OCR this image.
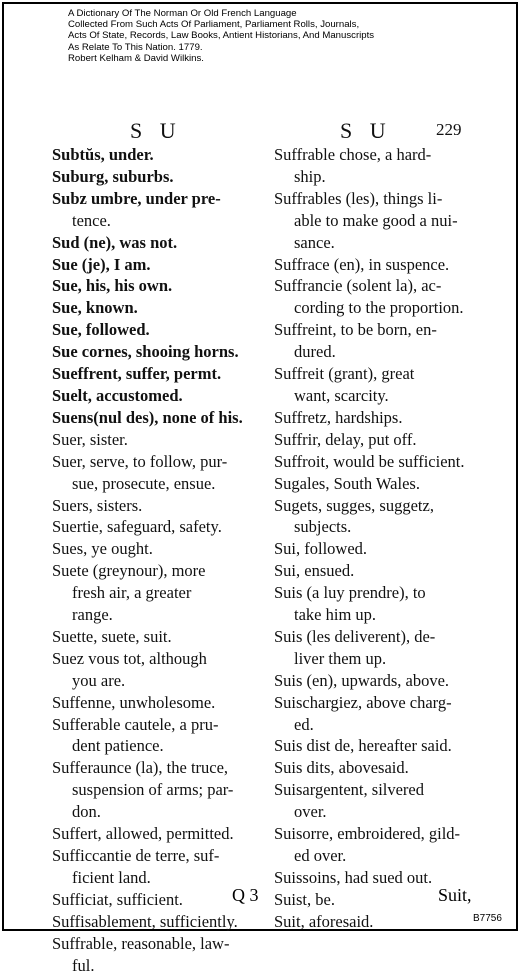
A Dictionary Of The Norman Or Old French Language
Collected From Such Acts Of Parliament, Parliament Rolls, Journals,
Acts Of State, Records, Law Books, Antient Historians, And Manuscripts
As Relate To This Nation. 1779.
Robert Kelham & David Wilkins.
S U	S U	229
Subtŭs, under.
Suburg, suburbs.
Subz umbre, under pre-
tence.
Sud (ne), was not.
Sue (je), I am.
Sue, his, his own.
Sue, known.
Sue, followed.
Sue cornes, shooing horns.
Sueffrent, suffer, permt.
Suelt, accustomed.
Suens(nul des), none of his.
Suer, sister.
Suer, serve, to follow, pur-
sue, prosecute, ensue.
Suers, sisters.
Suertie, safeguard, safety.
Sues, ye ought.
Suete (greynour), more
fresh air, a greater
range.
Suette, suete, suit.
Suez vous tot, although
you are.
Suffenne, unwholesome.
Sufferable cautele, a pru-
dent patience.
Sufferaunce (la), the truce,
suspension of arms; par-
don.
Suffert, allowed, permitted.
Sufficcantie de terre, suf-
ficient land.
Sufficiat, sufficient.
Suffisablement, sufficiently.
Suffrable, reasonable, law-
ful.
Suffrable chose, a hard-
ship.
Suffrables (les), things li-
able to make good a nui-
sance.
Suffrace (en), in suspence.
Suffrancie (solent la), ac-
cording to the proportion.
Suffreint, to be born, en-
dured.
Suffreit (grant), great
want, scarcity.
Suffretz, hardships.
Suffrir, delay, put off.
Suffroit, would be sufficient.
Sugales, South Wales.
Sugets, sugges, suggetz,
subjects.
Sui, followed.
Sui, ensued.
Suis (a luy prendre), to
take him up.
Suis (les deliverent), de-
liver them up.
Suis (en), upwards, above.
Suischargiez, above charg-
ed.
Suis dist de, hereafter said.
Suis dits, abovesaid.
Suisargentent, silvered
over.
Suisorre, embroidered, gild-
ed over.
Suissoins, had sued out.
Suist, be.
Suit, aforesaid.
Q 3	Suit,
B7756
